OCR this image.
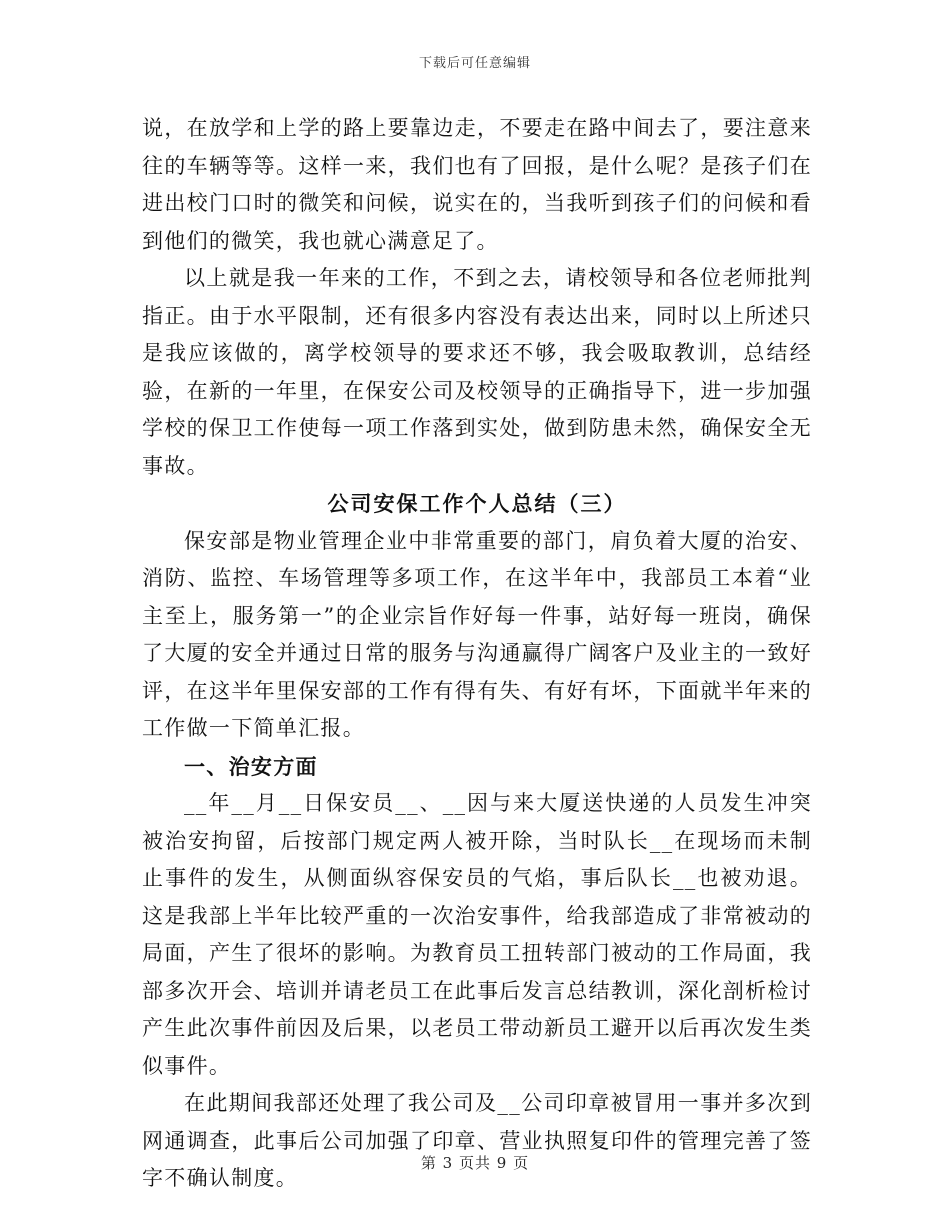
下载后可任意编辑

说，在放学和上学的路上要靠边走，不要走在路中间去了，要注意来往的车辆等等。这样一来，我们也有了回报，是什么呢？是孩子们在进出校门口时的微笑和问候，说实在的，当我听到孩子们的问候和看到他们的微笑，我也就心满意足了。

以上就是我一年来的工作，不到之去，请校领导和各位老师批判指正。由于水平限制，还有很多内容没有表达出来，同时以上所述只是我应该做的，离学校领导的要求还不够，我会吸取教训，总结经验，在新的一年里，在保安公司及校领导的正确指导下，进一步加强学校的保卫工作使每一项工作落到实处，做到防患未然，确保安全无事故。

公司安保工作个人总结（三）

保安部是物业管理企业中非常重要的部门，肩负着大厦的治安、消防、监控、车场管理等多项工作，在这半年中，我部员工本着“业主至上，服务第一”的企业宗旨作好每一件事，站好每一班岗，确保了大厦的安全并通过日常的服务与沟通赢得广阔客户及业主的一致好评，在这半年里保安部的工作有得有失、有好有坏，下面就半年来的工作做一下简单汇报。

一、治安方面

__年__月__日保安员__、__因与来大厦送快递的人员发生冲突被治安拘留，后按部门规定两人被开除，当时队长__在现场而未制止事件的发生，从侧面纵容保安员的气焰，事后队长__也被劝退。这是我部上半年比较严重的一次治安事件，给我部造成了非常被动的局面，产生了很坏的影响。为教育员工扭转部门被动的工作局面，我部多次开会、培训并请老员工在此事后发言总结教训，深化剖析检讨产生此次事件前因及后果，以老员工带动新员工避开以后再次发生类似事件。

在此期间我部还处理了我公司及__公司印章被冒用一事并多次到网通调查，此事后公司加强了印章、营业执照复印件的管理完善了签字不确认制度。

第 3 页共 9 页
